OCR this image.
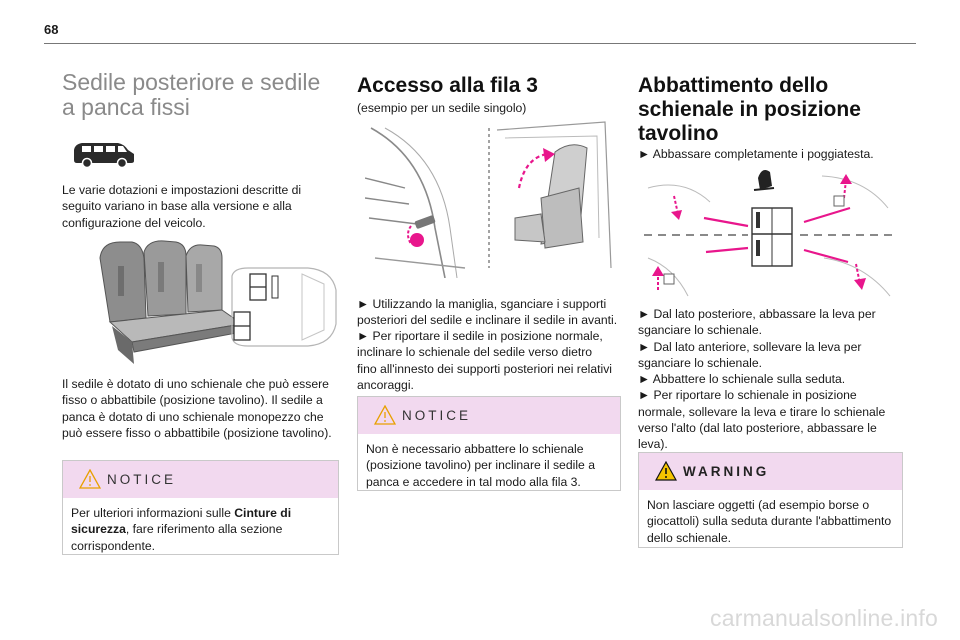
68
Sedile posteriore e sedile a panca fissi

Le varie dotazioni e impostazioni descritte di seguito variano in base alla versione e alla configurazione del veicolo.

Il sedile è dotato di uno schienale che può essere fisso o abbattibile (posizione tavolino). Il sedile a panca è dotato di uno schienale monopezzo che può essere fisso o abbattibile (posizione tavolino).

NOTICE
Per ulteriori informazioni sulle Cinture di sicurezza, fare riferimento alla sezione corrispondente.
Accesso alla fila 3

(esempio per un sedile singolo)

► Utilizzando la maniglia, sganciare i supporti posteriori del sedile e inclinare il sedile in avanti.

► Per riportare il sedile in posizione normale, inclinare lo schienale del sedile verso dietro fino all'innesto dei supporti posteriori nei relativi ancoraggi.

NOTICE
Non è necessario abbattere lo schienale (posizione tavolino) per inclinare il sedile a panca e accedere in tal modo alla fila 3.
Abbattimento dello schienale in posizione tavolino

► Abbassare completamente i poggiatesta.

► Dal lato posteriore, abbassare la leva per sganciare lo schienale.

► Dal lato anteriore, sollevare la leva per sganciare lo schienale.

► Abbattere lo schienale sulla seduta.

► Per riportare lo schienale in posizione normale, sollevare la leva e tirare lo schienale verso l'alto (dal lato posteriore, abbassare le leva).

WARNING
Non lasciare oggetti (ad esempio borse o giocattoli) sulla seduta durante l'abbattimento dello schienale.
carmanualsonline.info
